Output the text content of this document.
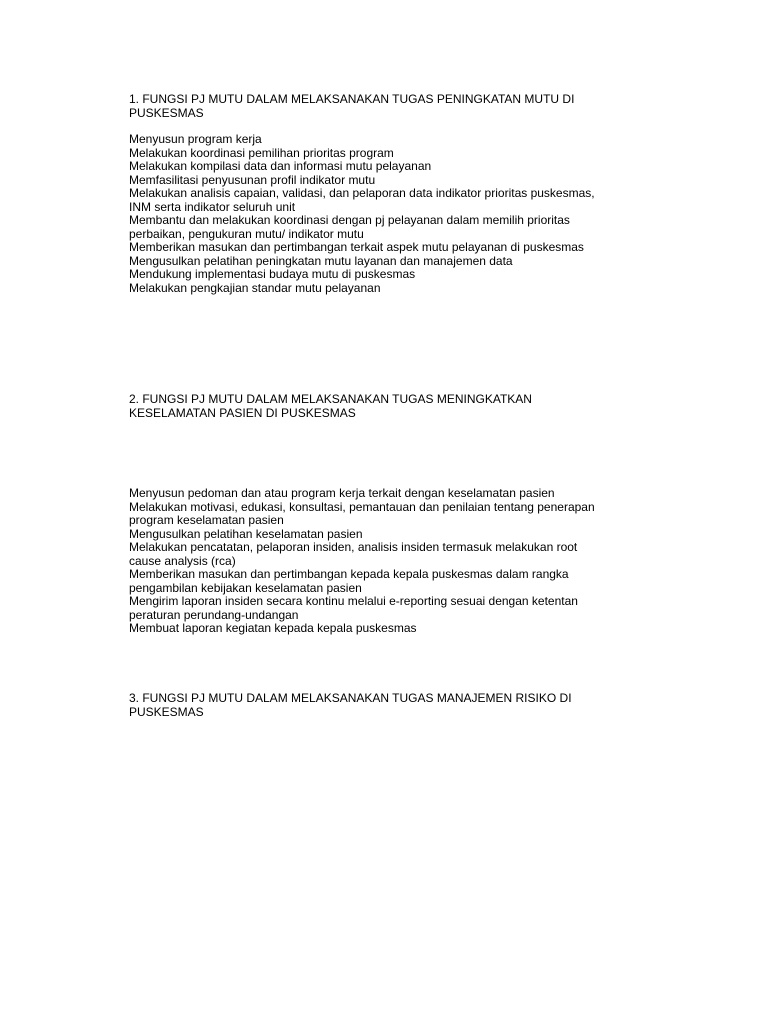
1. FUNGSI PJ MUTU DALAM MELAKSANAKAN TUGAS PENINGKATAN MUTU DI PUSKESMAS

Menyusun program kerja

Melakukan koordinasi pemilihan prioritas program

Melakukan kompilasi data dan informasi mutu pelayanan

Memfasilitasi penyusunan profil indikator mutu

Melakukan analisis capaian, validasi, dan pelaporan data indikator prioritas puskesmas, INM serta indikator seluruh unit

Membantu dan melakukan koordinasi dengan pj pelayanan dalam memilih prioritas perbaikan, pengukuran mutu/ indikator mutu

Memberikan masukan dan pertimbangan terkait aspek mutu pelayanan di puskesmas

Mengusulkan pelatihan peningkatan mutu layanan dan manajemen data

Mendukung implementasi budaya mutu di puskesmas

Melakukan pengkajian standar mutu pelayanan

2. FUNGSI PJ MUTU DALAM MELAKSANAKAN TUGAS MENINGKATKAN KESELAMATAN PASIEN DI PUSKESMAS

Menyusun pedoman dan atau program kerja terkait dengan keselamatan pasien

Melakukan motivasi, edukasi, konsultasi, pemantauan dan penilaian tentang penerapan program keselamatan pasien

Mengusulkan pelatihan keselamatan pasien

Melakukan pencatatan, pelaporan insiden, analisis insiden termasuk melakukan root cause analysis (rca)

Memberikan masukan dan pertimbangan kepada kepala puskesmas dalam rangka pengambilan kebijakan keselamatan pasien

Mengirim laporan insiden secara kontinu melalui e-reporting sesuai dengan ketentan peraturan perundang-undangan

Membuat laporan kegiatan kepada kepala puskesmas

3. FUNGSI PJ MUTU DALAM MELAKSANAKAN TUGAS MANAJEMEN RISIKO DI PUSKESMAS
